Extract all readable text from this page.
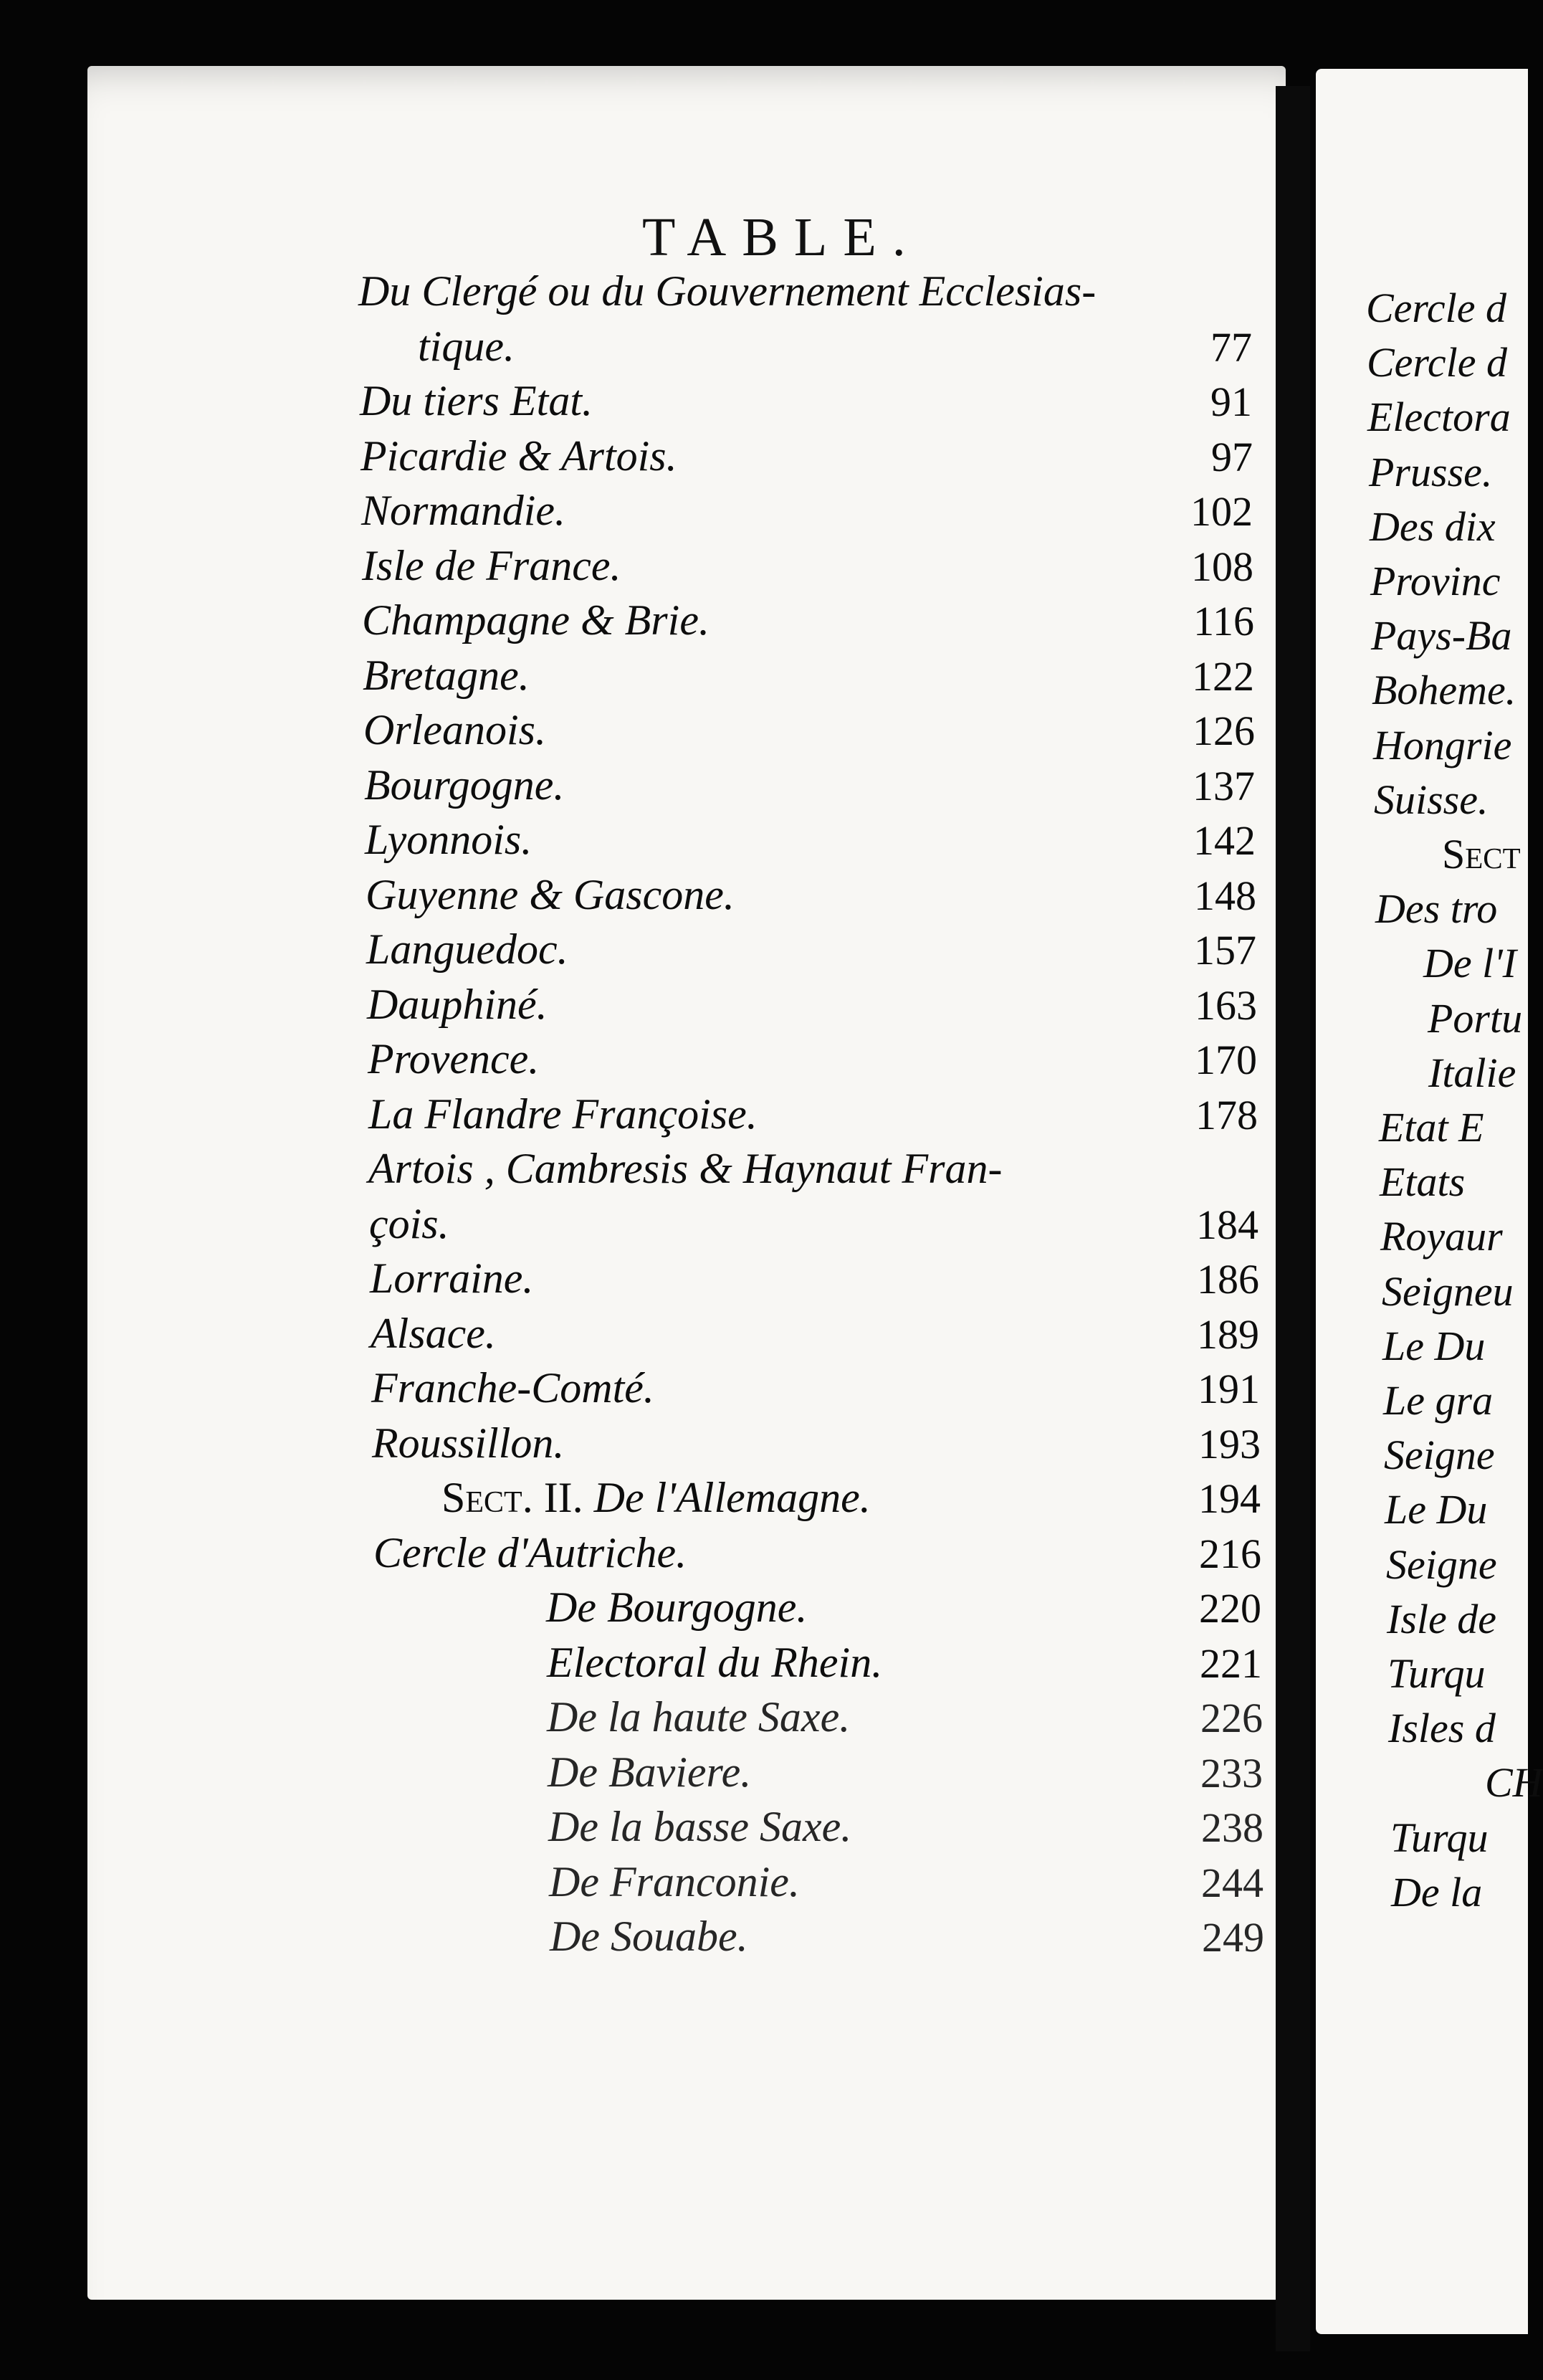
TABLE.
Du Clergé ou du Gouvernement Ecclesias-
tique.	77
Du tiers Etat.	91
Picardie & Artois.	97
Normandie.	102
Isle de France.	108
Champagne & Brie.	116
Bretagne.	122
Orleanois.	126
Bourgogne.	137
Lyonnois.	142
Guyenne & Gascone.	148
Languedoc.	157
Dauphiné.	163
Provence.	170
La Flandre Françoise.	178
Artois , Cambresis & Haynaut Fran-
çois.	184
Lorraine.	186
Alsace.	189
Franche-Comté.	191
Roussillon.	193
Sect. II. De l'Allemagne.	194
Cercle d'Autriche.	216
De Bourgogne.	220
Electoral du Rhein.	221
De la haute Saxe.	226
De Baviere.	233
De la basse Saxe.	238
De Franconie.	244
De Souabe.	249
Cercle d
Cercle d
Electora
Prusse.
Des dix
Provinc
Pays-Ba
Boheme.
Hongrie
Suisse.
Sect
Des tro
De l'I
Portu
Italie
Etat E
Etats
Royaur
Seigneu
Le Du
Le gra
Seigne
Le Du
Seigne
Isle de
Turqu
Isles d
CH
Turqu
De la
